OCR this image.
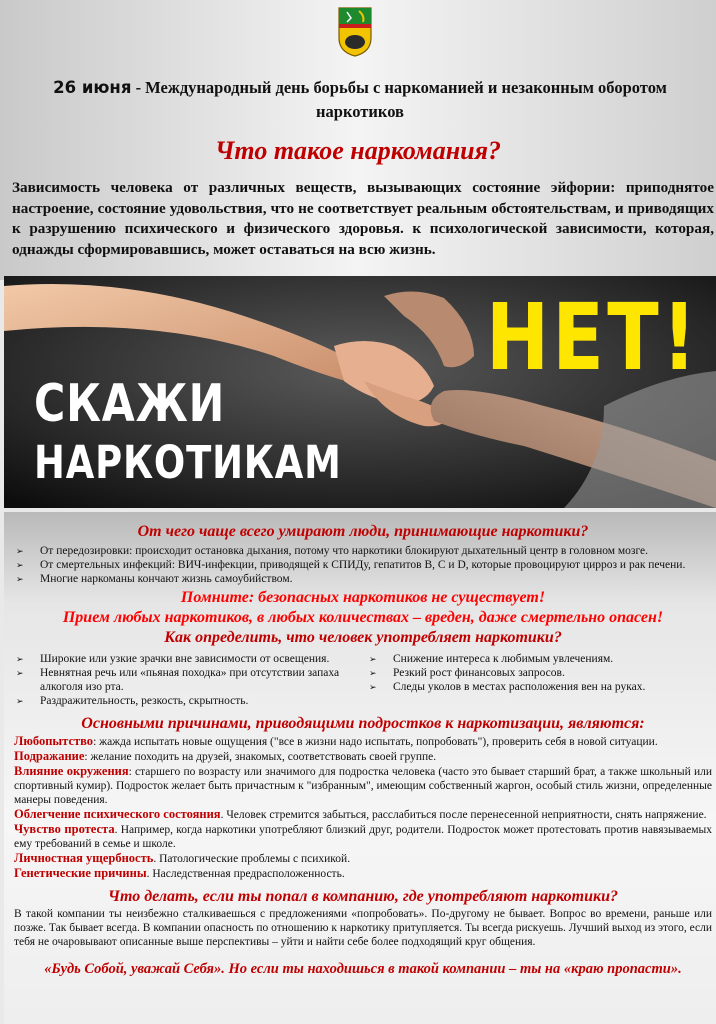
26 июня - Международный день борьбы с наркоманией и незаконным оборотом наркотиков
Что такое наркомания?
Зависимость человека от различных веществ, вызывающих состояние эйфории: приподнятое настроение, состояние удовольствия, что не соответствует реальным обстоятельствам, и приводящих к разрушению психического и физического здоровья. к психологической зависимости, которая, однажды сформировавшись, может оставаться на всю жизнь.
СКАЖИ
НАРКОТИКАМ
НЕТ!
От чего чаще всего умирают люди, принимающие наркотики?
➢ От передозировки: происходит остановка дыхания, потому что наркотики блокируют дыхательный центр в головном мозге.
➢ От смертельных инфекций: ВИЧ-инфекции, приводящей к СПИДу, гепатитов В, С и D, которые провоцируют цирроз и рак печени.
➢ Многие наркоманы кончают жизнь самоубийством.
Помните: безопасных наркотиков не существует!
Прием любых наркотиков, в любых количествах – вреден, даже смертельно опасен!
Как определить, что человек употребляет наркотики?
➢ Широкие или узкие зрачки вне зависимости от освещения.
➢ Невнятная речь или «пьяная походка» при отсутствии запаха алкоголя изо рта.
➢ Раздражительность, резкость, скрытность.
➢ Снижение интереса к любимым увлечениям.
➢ Резкий рост финансовых запросов.
➢ Следы уколов в местах расположения вен на руках.
Основными причинами, приводящими подростков к наркотизации, являются:

Любопытство: жажда испытать новые ощущения ("все в жизни надо испытать, попробовать"), проверить себя в новой ситуации.

Подражание: желание походить на друзей, знакомых, соответствовать своей группе.

Влияние окружения: старшего по возрасту или значимого для подростка человека (часто это бывает старший брат, а также школьный или спортивный кумир). Подросток желает быть причастным к "избранным", имеющим собственный жаргон, особый стиль жизни, определенные манеры поведения.

Облегчение психического состояния. Человек стремится забыться, расслабиться после перенесенной неприятности, снять напряжение.

Чувство протеста. Например, когда наркотики употребляют близкий друг, родители. Подросток может протестовать против навязываемых ему требований в семье и школе.

Личностная ущербность. Патологические проблемы с психикой.

Генетические причины. Наследственная предрасположенность.

Что делать, если ты попал в компанию, где употребляют наркотики?

В такой компании ты неизбежно сталкиваешься с предложениями «попробовать». По-другому не бывает. Вопрос во времени, раньше или позже. Так бывает всегда. В компании опасность по отношению к наркотику притупляется. Ты всегда рискуешь. Лучший выход из этого, если тебя не очаровывают описанные выше перспективы – уйти и найти себе более подходящий круг общения.

«Будь Собой, уважай Себя». Но если ты находишься в такой компании – ты на «краю пропасти».
